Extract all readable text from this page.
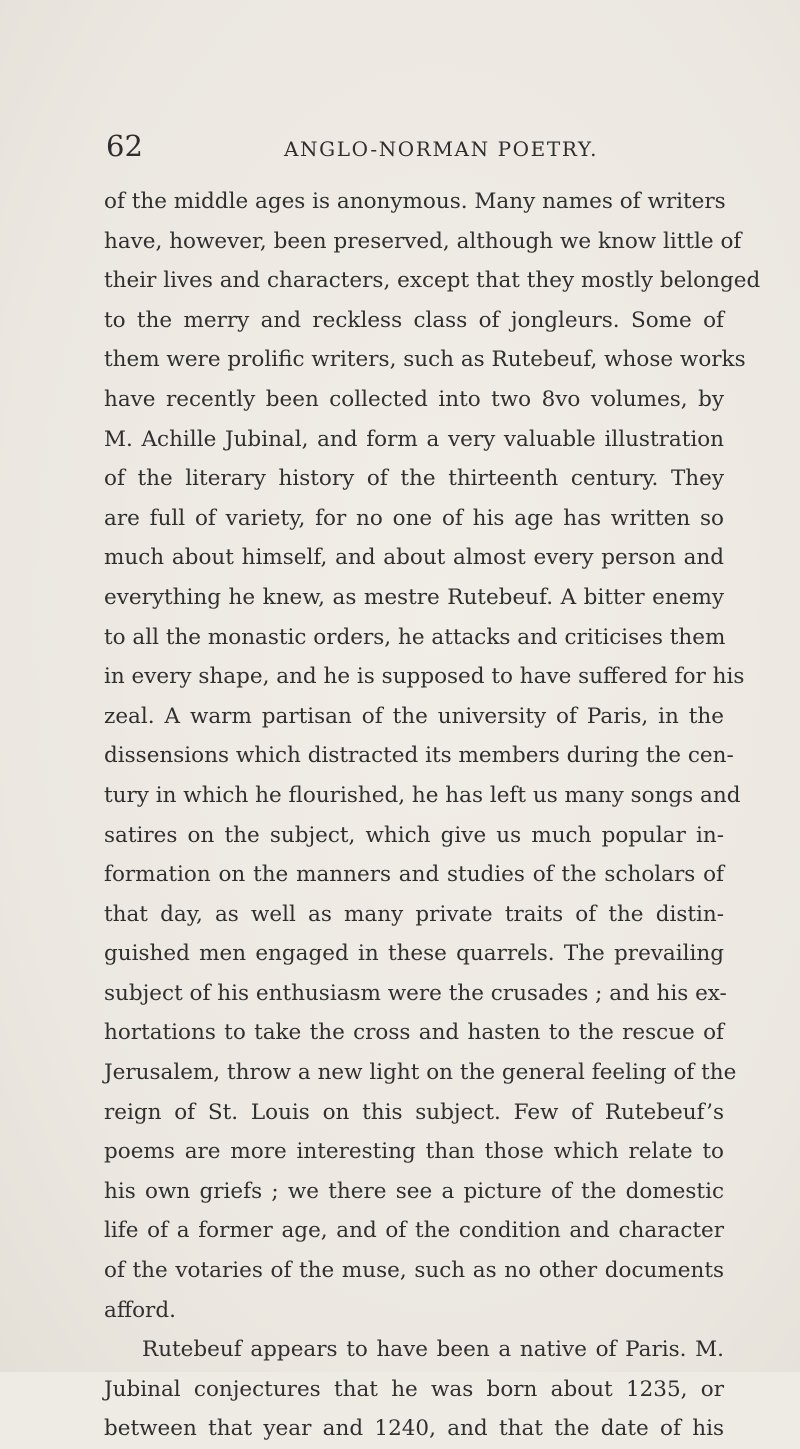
62	ANGLO-NORMAN POETRY.
of the middle ages is anonymous. Many names of writers
have, however, been preserved, although we know little of
their lives and characters, except that they mostly belonged
to the merry and reckless class of jongleurs. Some of
them were prolific writers, such as Rutebeuf, whose works
have recently been collected into two 8vo volumes, by
M. Achille Jubinal, and form a very valuable illustration
of the literary history of the thirteenth century. They
are full of variety, for no one of his age has written so
much about himself, and about almost every person and
everything he knew, as mestre Rutebeuf. A bitter enemy
to all the monastic orders, he attacks and criticises them
in every shape, and he is supposed to have suffered for his
zeal. A warm partisan of the university of Paris, in the
dissensions which distracted its members during the cen-
tury in which he flourished, he has left us many songs and
satires on the subject, which give us much popular in-
formation on the manners and studies of the scholars of
that day, as well as many private traits of the distin-
guished men engaged in these quarrels. The prevailing
subject of his enthusiasm were the crusades ; and his ex-
hortations to take the cross and hasten to the rescue of
Jerusalem, throw a new light on the general feeling of the
reign of St. Louis on this subject. Few of Rutebeuf’s
poems are more interesting than those which relate to
his own griefs ; we there see a picture of the domestic
life of a former age, and of the condition and character
of the votaries of the muse, such as no other documents
afford.
Rutebeuf appears to have been a native of Paris. M.
Jubinal conjectures that he was born about 1235, or
between that year and 1240, and that the date of his
